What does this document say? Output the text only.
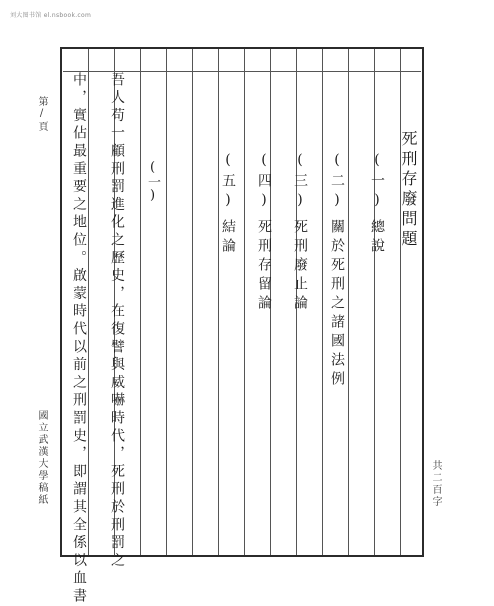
刘大图书馆 el.nsbook.com
第/頁
國立武漢大學稿紙	共二百字
死刑存廢問題
(一)總說
(二)關於死刑之諸國法例
(三)死刑廢止論
(四)死刑存留論
(五)結論
(一)
吾人苟一顧刑罰進化之歷史，在復譬與威嚇時代，死刑於刑罰之
中，實佔最重要之地位。啟蒙時代以前之刑罰史，即謂其全係以血書
